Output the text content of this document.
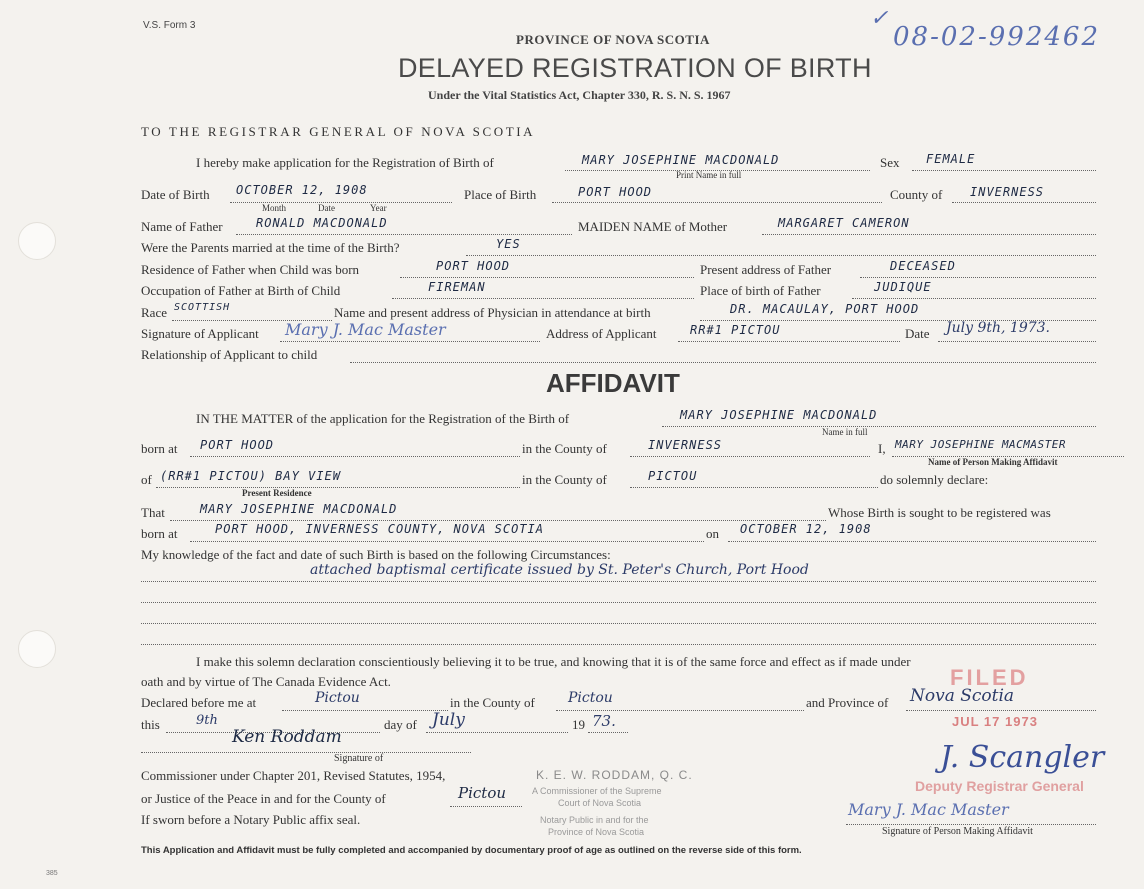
V.S. Form 3
PROVINCE OF NOVA SCOTIA
DELAYED REGISTRATION OF BIRTH
Under the Vital Statistics Act, Chapter 330, R. S. N. S. 1967
08-02-992462
✓
TO THE REGISTRAR GENERAL OF NOVA SCOTIA
I hereby make application for the Registration of Birth of	MARY JOSEPHINE MACDONALD
Print Name in full
Sex FEMALE
Date of Birth OCTOBER 12, 1908
Month	Date	Year
Place of Birth	PORT HOOD	County of INVERNESS
Name of Father	RONALD MACDONALD	MAIDEN NAME of Mother	MARGARET CAMERON
Were the Parents married at the time of the Birth?	YES
Residence of Father when Child was born	PORT HOOD	Present address of Father	DECEASED
Occupation of Father at Birth of Child	FIREMAN	Place of birth of Father	JUDIQUE
Race SCOTTISH	Name and present address of Physician in attendance at birth	DR. MACAULAY, PORT HOOD
Signature of Applicant Mary J. Mac Master	Address of Applicant	RR#1 PICTOU	Date July 9th, 1973.
Relationship of Applicant to child
AFFIDAVIT
IN THE MATTER of the application for the Registration of the Birth of	MARY JOSEPHINE MACDONALD
Name in full
born at PORT HOOD	in the County of	INVERNESS	I, MARY JOSEPHINE MACMASTER
Name of Person Making Affidavit
of (RR#1 PICTOU) BAY VIEW
Present Residence
in the County of	PICTOU	do solemnly declare:
That	MARY JOSEPHINE MACDONALD	Whose Birth is sought to be registered was
born at	PORT HOOD, INVERNESS COUNTY, NOVA SCOTIA	on OCTOBER 12, 1908
My knowledge of the fact and date of such Birth is based on the following Circumstances:
attached baptismal certificate issued by St. Peter's Church, Port Hood
I make this solemn declaration conscientiously believing it to be true, and knowing that it is of the same force and effect as if made under
oath and by virtue of The Canada Evidence Act.
Declared before me at	Pictou	in the County of Pictou	and Province of Nova Scotia
this	9th	day of July	19 73.
Ken Roddam
Signature of
Commissioner under Chapter 201, Revised Statutes, 1954,
or Justice of the Peace in and for the County of	Pictou
If sworn before a Notary Public affix seal.
K. E. W. RODDAM, Q. C.
A Commissioner of the Supreme
Court of Nova Scotia
Notary Public in and for the
Province of Nova Scotia
FILED
JUL 17 1973
Deputy Registrar General
J. Scangler
Mary J. Mac Master
Signature of Person Making Affidavit
This Application and Affidavit must be fully completed and accompanied by documentary proof of age as outlined on the reverse side of this form.
385
